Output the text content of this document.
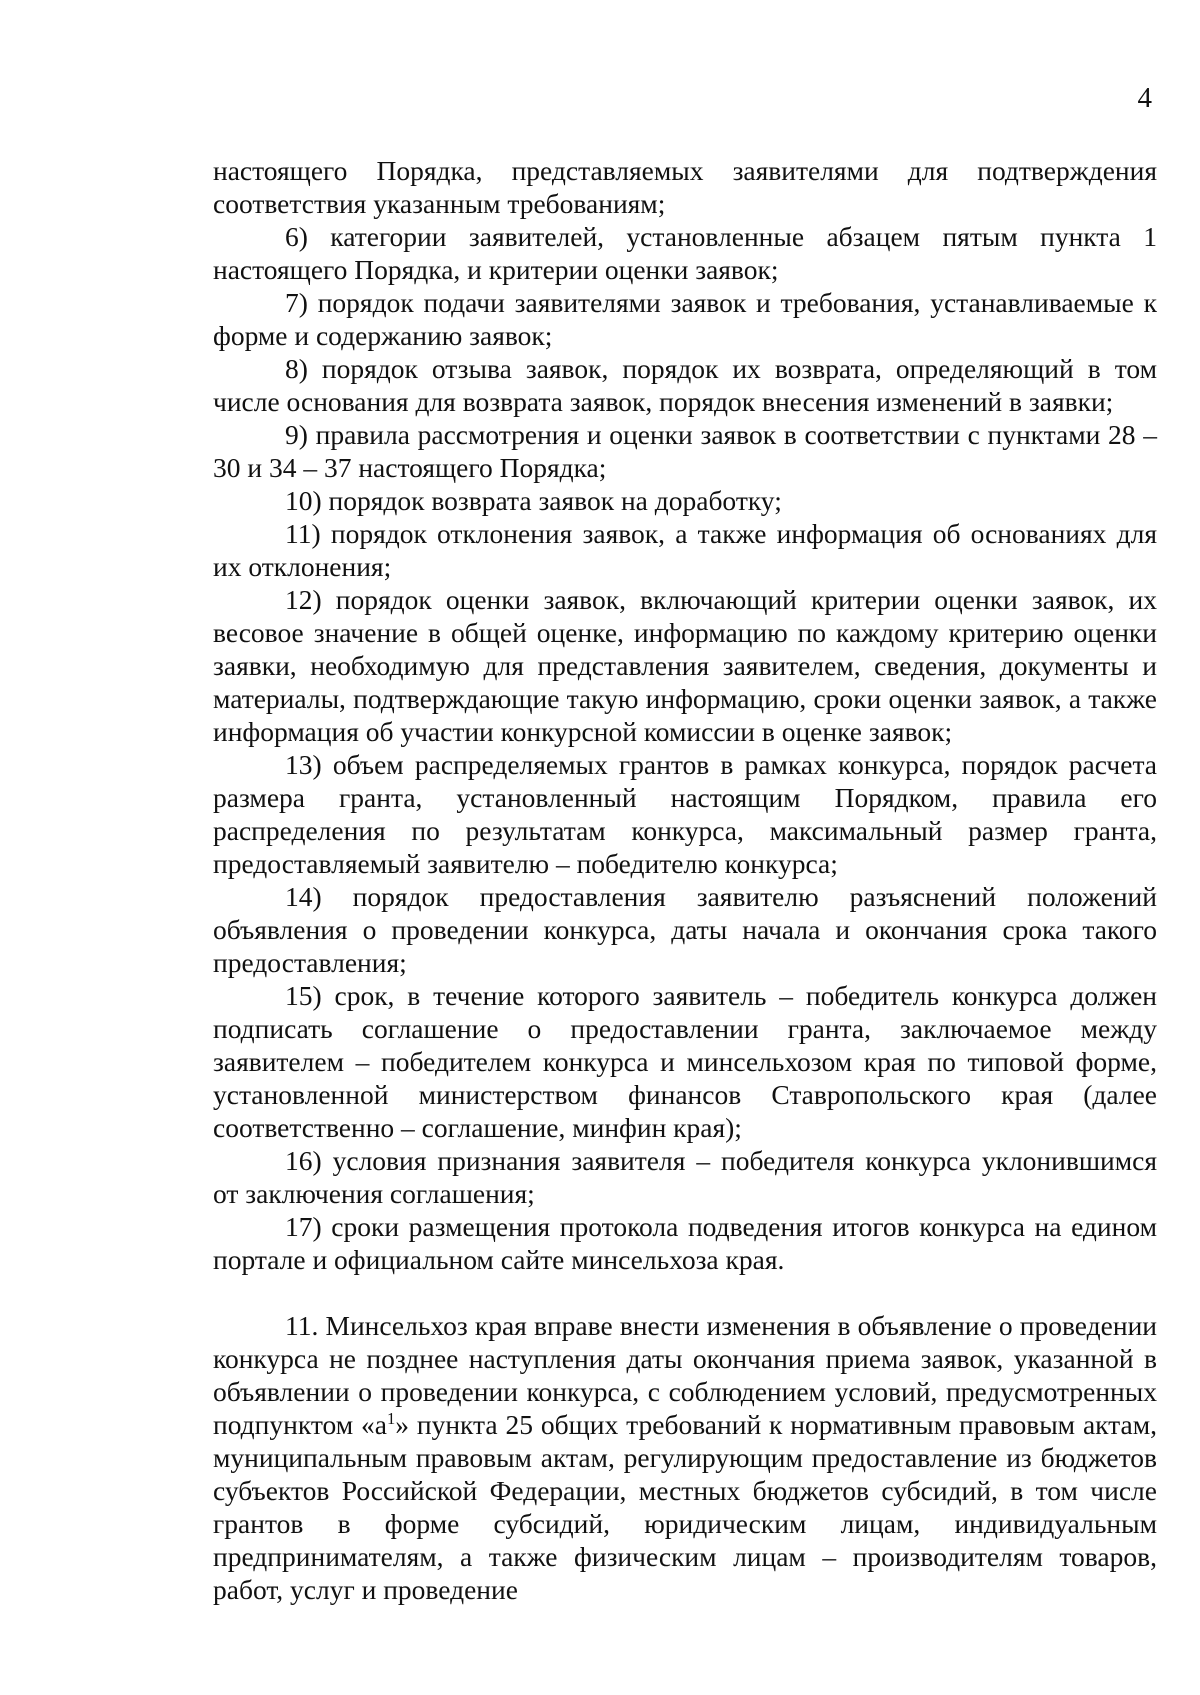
4

настоящего Порядка, представляемых заявителями для подтверждения соответствия указанным требованиям;

6) категории заявителей, установленные абзацем пятым пункта 1 настоящего Порядка, и критерии оценки заявок;

7) порядок подачи заявителями заявок и требования, устанавливаемые к форме и содержанию заявок;

8) порядок отзыва заявок, порядок их возврата, определяющий в том числе основания для возврата заявок, порядок внесения изменений в заявки;

9) правила рассмотрения и оценки заявок в соответствии с пунктами 28 – 30 и 34 – 37 настоящего Порядка;

10) порядок возврата заявок на доработку;

11) порядок отклонения заявок, а также информация об основаниях для их отклонения;

12) порядок оценки заявок, включающий критерии оценки заявок, их весовое значение в общей оценке, информацию по каждому критерию оценки заявки, необходимую для представления заявителем, сведения, документы и материалы, подтверждающие такую информацию, сроки оценки заявок, а также информация об участии конкурсной комиссии в оценке заявок;

13) объем распределяемых грантов в рамках конкурса, порядок расчета размера гранта, установленный настоящим Порядком, правила его распределения по результатам конкурса, максимальный размер гранта, предоставляемый заявителю – победителю конкурса;

14) порядок предоставления заявителю разъяснений положений объявления о проведении конкурса, даты начала и окончания срока такого предоставления;

15) срок, в течение которого заявитель – победитель конкурса должен подписать соглашение о предоставлении гранта, заключаемое между заявителем – победителем конкурса и минсельхозом края по типовой форме, установленной министерством финансов Ставропольского края (далее соответственно – соглашение, минфин края);

16) условия признания заявителя – победителя конкурса уклонившимся от заключения соглашения;

17) сроки размещения протокола подведения итогов конкурса на едином портале и официальном сайте минсельхоза края.

11. Минсельхоз края вправе внести изменения в объявление о проведении конкурса не позднее наступления даты окончания приема заявок, указанной в объявлении о проведении конкурса, с соблюдением условий, предусмотренных подпунктом «$а^1$» пункта 25 общих требований к нормативным правовым актам, муниципальным правовым актам, регулирующим предоставление из бюджетов субъектов Российской Федерации, местных бюджетов субсидий, в том числе грантов в форме субсидий, юридическим лицам, индивидуальным предпринимателям, а также физическим лицам – производителям товаров, работ, услуг и проведение
